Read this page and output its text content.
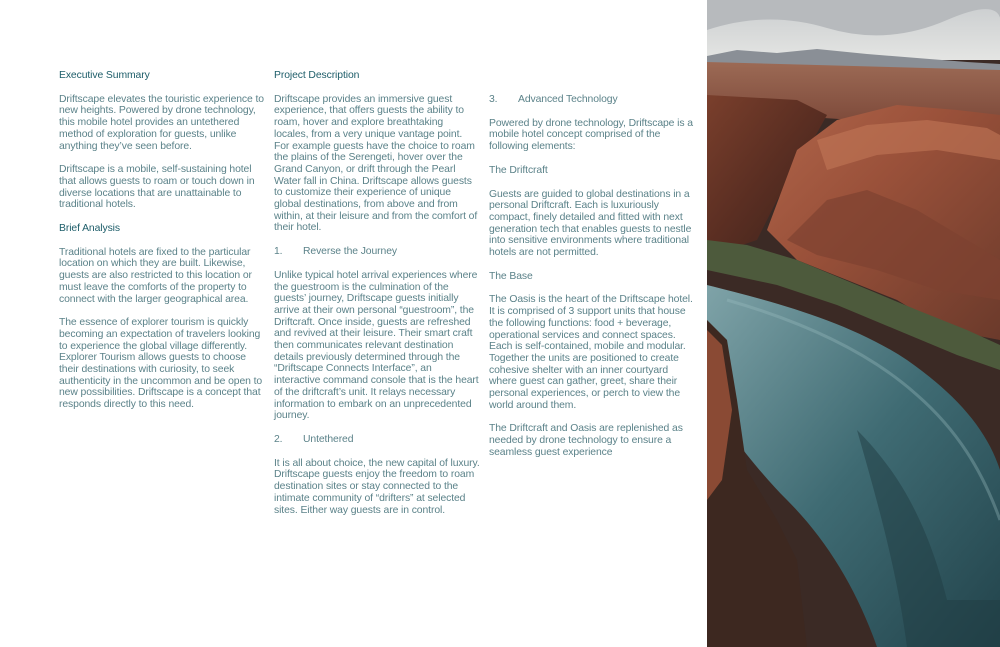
Executive Summary
Driftscape elevates the touristic experience to new heights. Powered by drone technology, this mobile hotel provides an untethered method of exploration for guests, unlike anything they’ve seen before.
Driftscape is a mobile, self-sustaining hotel that allows guests to roam or touch down in diverse locations that are unattainable to traditional hotels.
Brief Analysis
Traditional hotels are fixed to the particular location on which they are built. Likewise, guests are also restricted to this location or must leave the comforts of the property to connect with the larger geographical area.
The essence of explorer tourism is quickly becoming an expectation of travelers looking to experience the global village differently. Explorer Tourism allows guests to choose their destinations with curiosity, to seek authenticity in the uncommon and be open to new possibilities. Driftscape is a concept that responds directly to this need.
Project Description
Driftscape provides an immersive guest experience, that offers guests the ability to roam, hover and explore breathtaking locales, from a very unique vantage point. For example guests have the choice to roam the plains of the Serengeti, hover over the Grand Canyon, or drift through the Pearl Water fall in China. Driftscape allows guests to customize their experience of unique global destinations, from above and from within, at their leisure and from the comfort of their hotel.
1. Reverse the Journey
Unlike typical hotel arrival experiences where the guestroom is the culmination of the guests’ journey, Driftscape guests initially arrive at their own personal “guestroom”, the Driftcraft. Once inside, guests are refreshed and revived at their leisure. Their smart craft then communicates relevant destination details previously determined through the “Driftscape Connects Interface”, an interactive command console that is the heart of the driftcraft’s unit. It relays necessary information to embark on an unprecedented journey.
2. Untethered
It is all about choice, the new capital of luxury. Driftscape guests enjoy the freedom to roam destination sites or stay connected to the intimate community of “drifters” at selected sites. Either way guests are in control.
3. Advanced Technology
Powered by drone technology, Driftscape is a mobile hotel concept comprised of the following elements:
The Driftcraft
Guests are guided to global destinations in a personal Driftcraft. Each is luxuriously compact, finely detailed and fitted with next generation tech that enables guests to nestle into sensitive environments where traditional hotels are not permitted.
The Base
The Oasis is the heart of the Driftscape hotel. It is comprised of 3 support units that house the following functions: food + beverage, operational services and connect spaces. Each is self-contained, mobile and modular. Together the units are positioned to create cohesive shelter with an inner courtyard where guest can gather, greet, share their personal experiences, or perch to view the world around them.
The Driftcraft and Oasis are replenished as needed by drone technology to ensure a seamless guest experience
